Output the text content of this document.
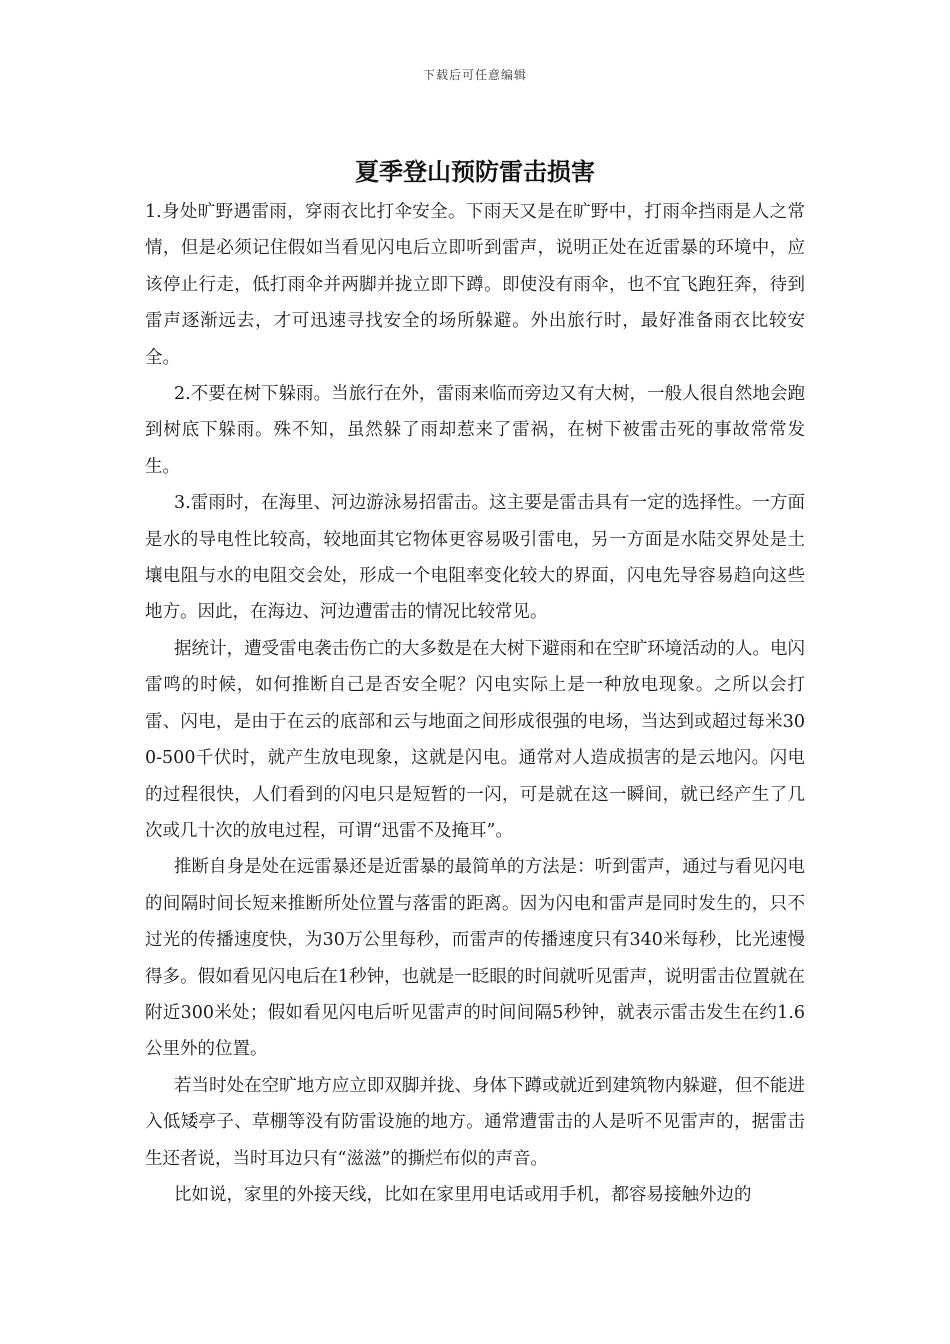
下载后可任意编辑
夏季登山预防雷击损害

1.身处旷野遇雷雨，穿雨衣比打伞安全。下雨天又是在旷野中，打雨伞挡雨是人之常情，但是必须记住假如当看见闪电后立即听到雷声，说明正处在近雷暴的环境中，应该停止行走，低打雨伞并两脚并拢立即下蹲。即使没有雨伞，也不宜飞跑狂奔，待到雷声逐渐远去，才可迅速寻找安全的场所躲避。外出旅行时，最好准备雨衣比较安全。

2.不要在树下躲雨。当旅行在外，雷雨来临而旁边又有大树，一般人很自然地会跑到树底下躲雨。殊不知，虽然躲了雨却惹来了雷祸，在树下被雷击死的事故常常发生。

3.雷雨时，在海里、河边游泳易招雷击。这主要是雷击具有一定的选择性。一方面是水的导电性比较高，较地面其它物体更容易吸引雷电，另一方面是水陆交界处是土壤电阻与水的电阻交会处，形成一个电阻率变化较大的界面，闪电先导容易趋向这些地方。因此，在海边、河边遭雷击的情况比较常见。

据统计，遭受雷电袭击伤亡的大多数是在大树下避雨和在空旷环境活动的人。电闪雷鸣的时候，如何推断自己是否安全呢？闪电实际上是一种放电现象。之所以会打雷、闪电，是由于在云的底部和云与地面之间形成很强的电场，当达到或超过每米300-500千伏时，就产生放电现象，这就是闪电。通常对人造成损害的是云地闪。闪电的过程很快，人们看到的闪电只是短暂的一闪，可是就在这一瞬间，就已经产生了几次或几十次的放电过程，可谓“迅雷不及掩耳”。

推断自身是处在远雷暴还是近雷暴的最简单的方法是：听到雷声，通过与看见闪电的间隔时间长短来推断所处位置与落雷的距离。因为闪电和雷声是同时发生的，只不过光的传播速度快，为30万公里每秒，而雷声的传播速度只有340米每秒，比光速慢得多。假如看见闪电后在1秒钟，也就是一眨眼的时间就听见雷声，说明雷击位置就在附近300米处；假如看见闪电后听见雷声的时间间隔5秒钟，就表示雷击发生在约1.6公里外的位置。

若当时处在空旷地方应立即双脚并拢、身体下蹲或就近到建筑物内躲避，但不能进入低矮亭子、草棚等没有防雷设施的地方。通常遭雷击的人是听不见雷声的，据雷击生还者说，当时耳边只有“滋滋”的撕烂布似的声音。

比如说，家里的外接天线，比如在家里用电话或用手机，都容易接触外边的
